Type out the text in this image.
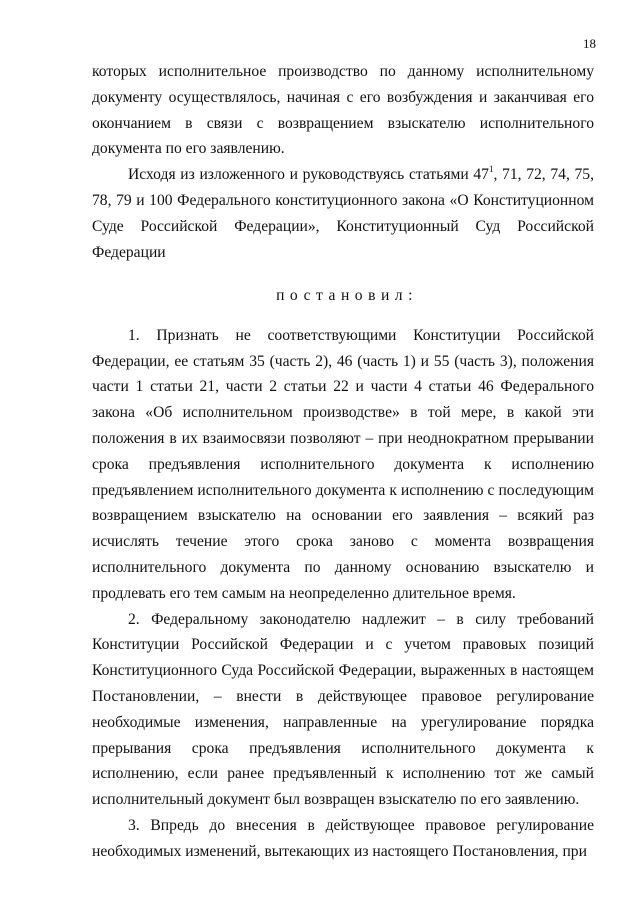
18

которых исполнительное производство по данному исполнительному документу осуществлялось, начиная с его возбуждения и заканчивая его окончанием в связи с возвращением взыскателю исполнительного документа по его заявлению.

Исходя из изложенного и руководствуясь статьями $47^1$, 71, 72, 74, 75, 78, 79 и 100 Федерального конституционного закона «О Конституционном Суде Российской Федерации», Конституционный Суд Российской Федерации

постановил:

1. Признать не соответствующими Конституции Российской Федерации, ее статьям 35 (часть 2), 46 (часть 1) и 55 (часть 3), положения части 1 статьи 21, части 2 статьи 22 и части 4 статьи 46 Федерального закона «Об исполнительном производстве» в той мере, в какой эти положения в их взаимосвязи позволяют – при неоднократном прерывании срока предъявления исполнительного документа к исполнению предъявлением исполнительного документа к исполнению с последующим возвращением взыскателю на основании его заявления – всякий раз исчислять течение этого срока заново с момента возвращения исполнительного документа по данному основанию взыскателю и продлевать его тем самым на неопределенно длительное время.

2. Федеральному законодателю надлежит – в силу требований Конституции Российской Федерации и с учетом правовых позиций Конституционного Суда Российской Федерации, выраженных в настоящем Постановлении, – внести в действующее правовое регулирование необходимые изменения, направленные на урегулирование порядка прерывания срока предъявления исполнительного документа к исполнению, если ранее предъявленный к исполнению тот же самый исполнительный документ был возвращен взыскателю по его заявлению.

3. Впредь до внесения в действующее правовое регулирование необходимых изменений, вытекающих из настоящего Постановления, при
